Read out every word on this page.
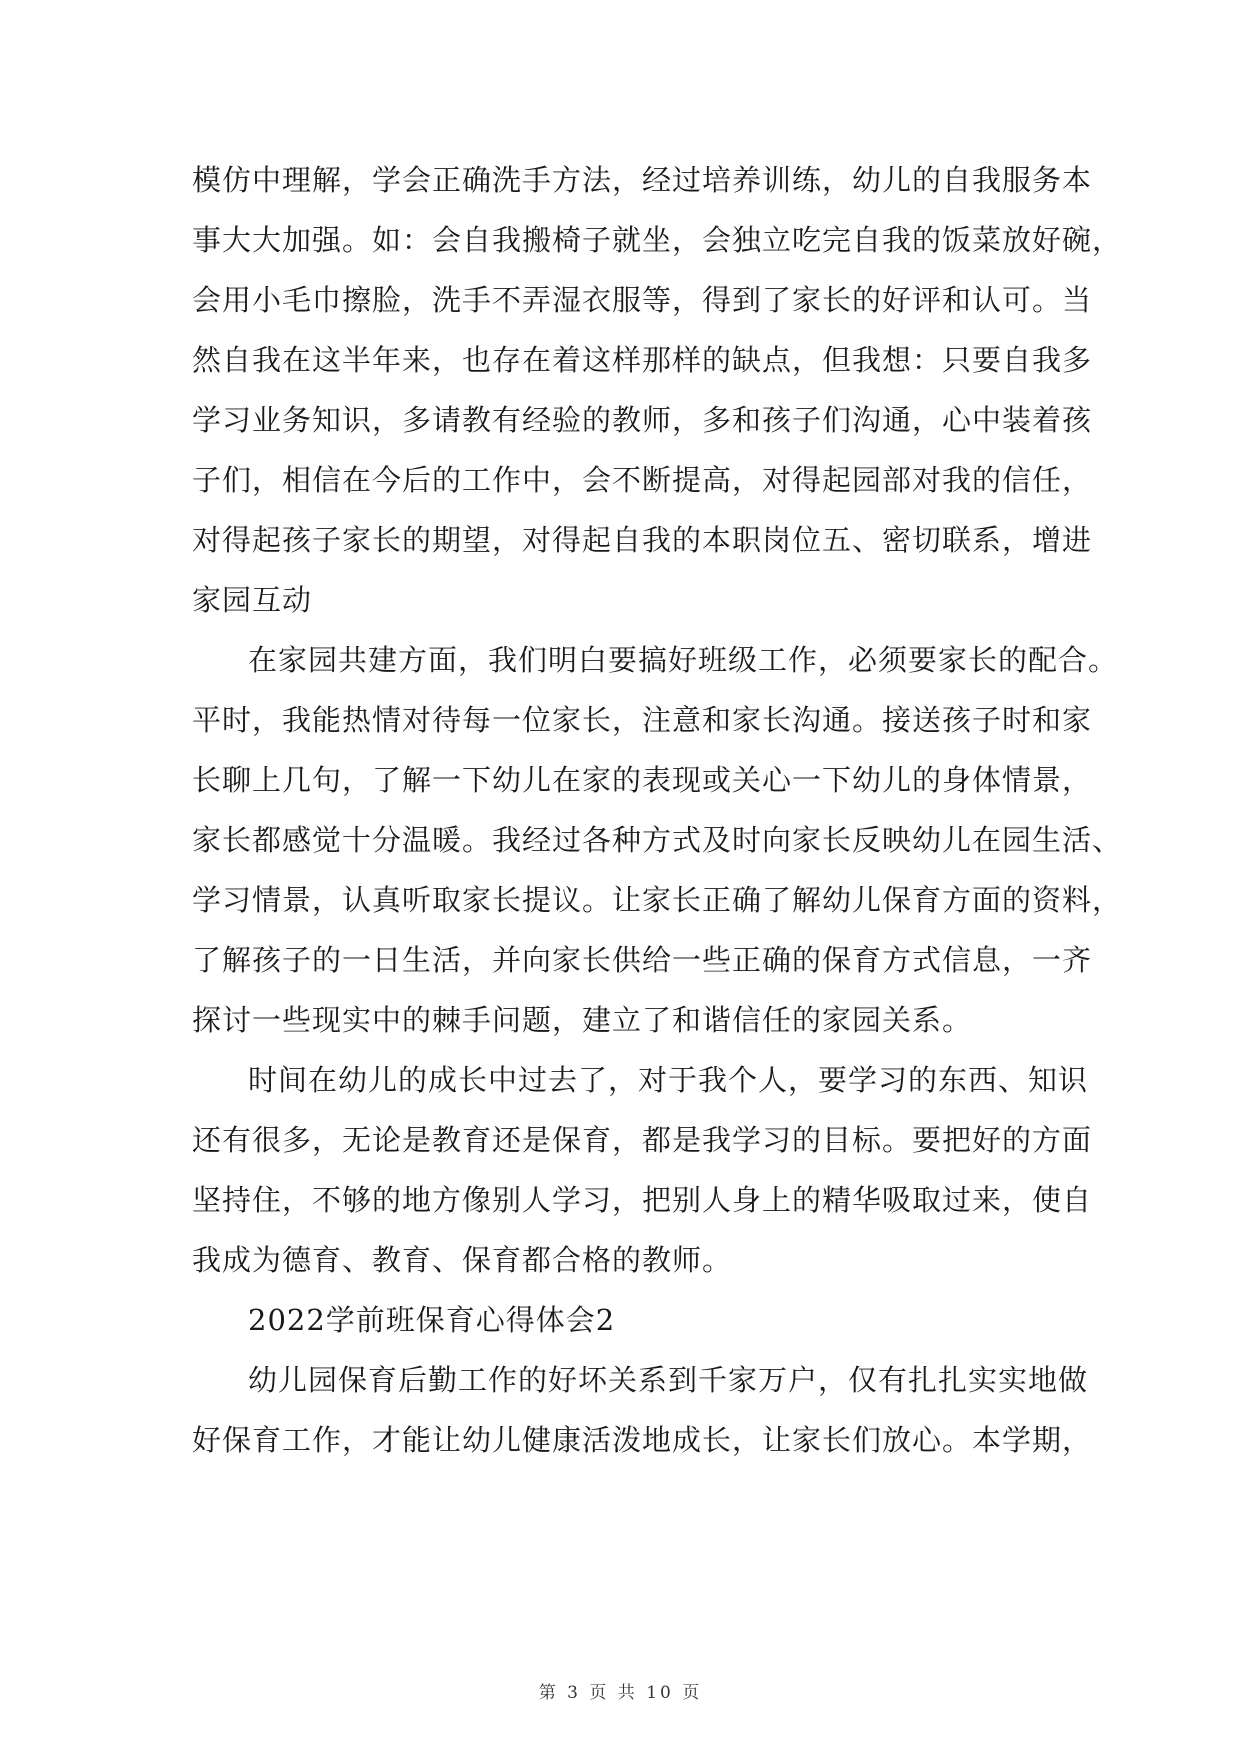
模仿中理解，学会正确洗手方法，经过培养训练，幼儿的自我服务本
事大大加强。如：会自我搬椅子就坐，会独立吃完自我的饭菜放好碗，
会用小毛巾擦脸，洗手不弄湿衣服等，得到了家长的好评和认可。当
然自我在这半年来，也存在着这样那样的缺点，但我想：只要自我多
学习业务知识，多请教有经验的教师，多和孩子们沟通，心中装着孩
子们，相信在今后的工作中，会不断提高，对得起园部对我的信任，
对得起孩子家长的期望，对得起自我的本职岗位五、密切联系，增进
家园互动
在家园共建方面，我们明白要搞好班级工作，必须要家长的配合。
平时，我能热情对待每一位家长，注意和家长沟通。接送孩子时和家
长聊上几句，了解一下幼儿在家的表现或关心一下幼儿的身体情景，
家长都感觉十分温暖。我经过各种方式及时向家长反映幼儿在园生活、
学习情景，认真听取家长提议。让家长正确了解幼儿保育方面的资料，
了解孩子的一日生活，并向家长供给一些正确的保育方式信息，一齐
探讨一些现实中的棘手问题，建立了和谐信任的家园关系。
时间在幼儿的成长中过去了，对于我个人，要学习的东西、知识
还有很多，无论是教育还是保育，都是我学习的目标。要把好的方面
坚持住，不够的地方像别人学习，把别人身上的精华吸取过来，使自
我成为德育、教育、保育都合格的教师。
2022学前班保育心得体会2
幼儿园保育后勤工作的好坏关系到千家万户，仅有扎扎实实地做
好保育工作，才能让幼儿健康活泼地成长，让家长们放心。本学期，
第 3 页 共 10 页
